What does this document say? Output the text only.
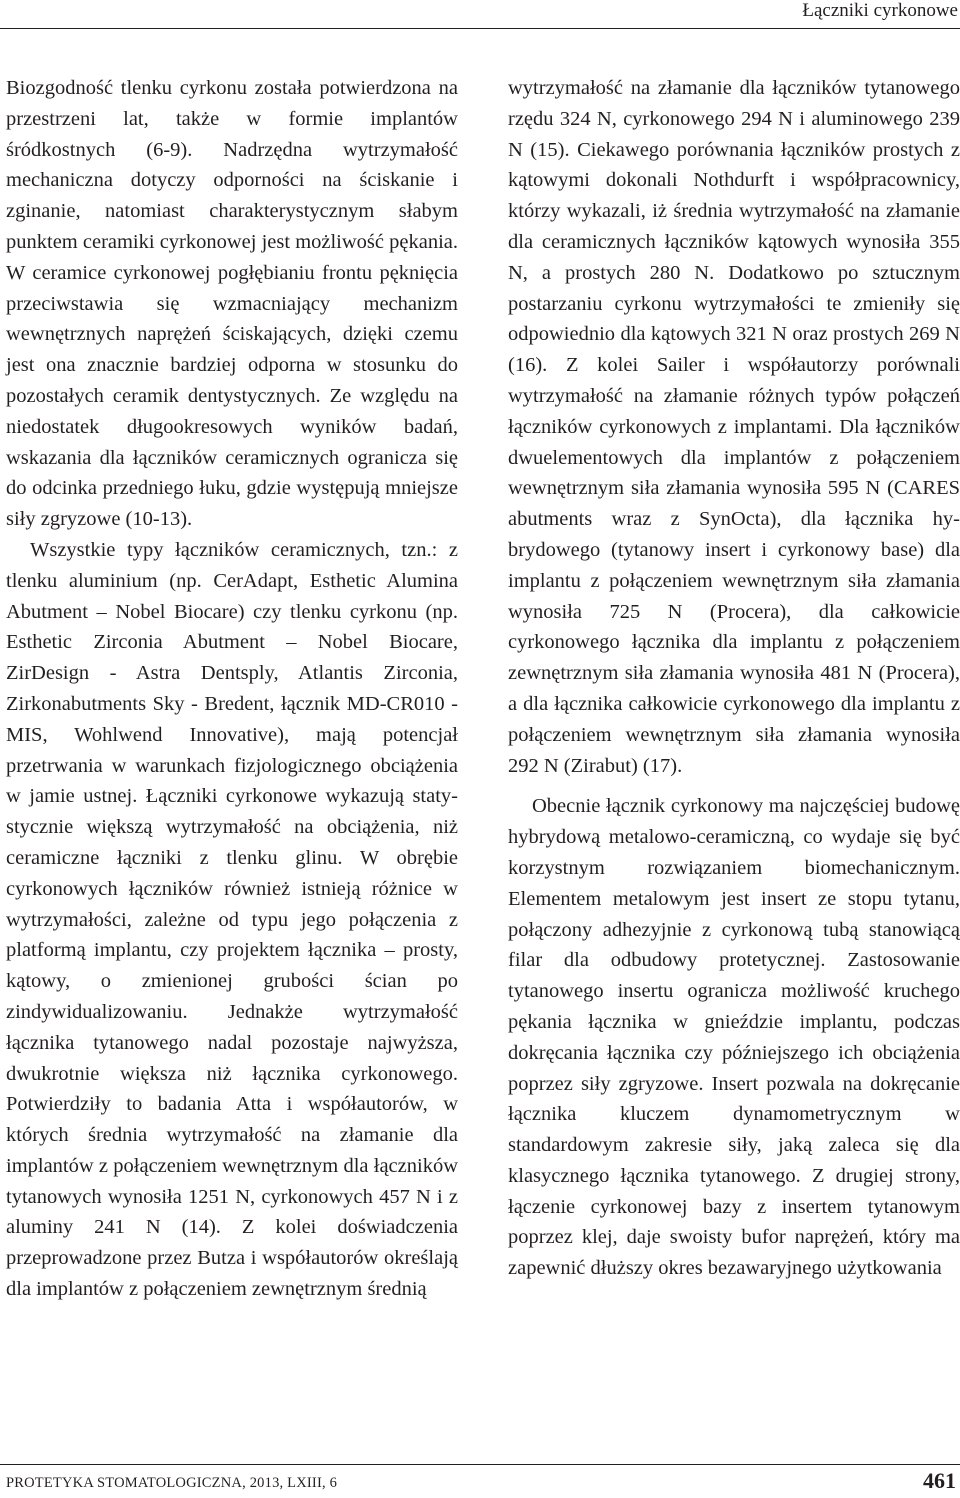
Łączniki cyrkonowe

Biozgodność tlenku cyrkonu została potwierdzona na przestrzeni lat, także w formie implantów śródkostnych (6-9). Nadrzędna wytrzymałość mechaniczna dotyczy odporności na ściskanie i zginanie, natomiast charakterystycznym słabym punktem ceramiki cyrkonowej jest możliwość pękania. W ceramice cyrkonowej pogłębianiu frontu pęknięcia przeciwstawia się wzmacniający mechanizm wewnętrznych naprężeń ściskających, dzięki czemu jest ona znacznie bardziej odporna w stosunku do pozostałych ceramik dentystycznych. Ze względu na niedostatek długookresowych wyników badań, wskazania dla łączników ceramicznych ogranicza się do odcinka przedniego łuku, gdzie występują mniejsze siły zgryzowe (10-13).

Wszystkie typy łączników ceramicznych, tzn.: z tlenku aluminium (np. CerAdapt, Esthetic Alumina Abutment – Nobel Biocare) czy tlenku cyrkonu (np. Esthetic Zirconia Abutment – Nobel Biocare, ZirDesign - Astra Dentsply, Atlantis Zirconia, Zirkonabutments Sky - Bredent, łącznik MD-CR010 - MIS, Wohlwend Innovative), mają potencjał przetrwania w warunkach fizjologicznego obciążenia w jamie ustnej. Łączniki cyrkonowe wykazują statystycznie większą wytrzymałość na obciążenia, niż ceramiczne łączniki z tlenku glinu. W obrębie cyrkonowych łączników również istnieją różnice w wytrzymałości, zależne od typu jego połączenia z platformą implantu, czy projektem łącznika – prosty, kątowy, o zmienionej grubości ścian po zindywidualizowaniu. Jednakże wytrzymałość łącznika tytanowego nadal pozostaje najwyższa, dwukrotnie większa niż łącznika cyrkonowego. Potwierdziły to badania Atta i współautorów, w których średnia wytrzymałość na złamanie dla implantów z połączeniem wewnętrznym dla łączników tytanowych wynosiła 1251 N, cyrkonowych 457 N i z aluminy 241 N (14). Z kolei doświadczenia przeprowadzone przez Butza i współautorów określają dla implantów z połączeniem zewnętrznym średnią

wytrzymałość na złamanie dla łączników tytanowego rzędu 324 N, cyrkonowego 294 N i aluminowego 239 N (15). Ciekawego porównania łączników prostych z kątowymi dokonali Nothdurft i współpracownicy, którzy wykazali, iż średnia wytrzymałość na złamanie dla ceramicznych łączników kątowych wynosiła 355 N, a prostych 280 N. Dodatkowo po sztucznym postarzaniu cyrkonu wytrzymałości te zmieniły się odpowiednio dla kątowych 321 N oraz prostych 269 N (16). Z kolei Sailer i współautorzy porównali wytrzymałość na złamanie różnych typów połączeń łączników cyrkonowych z implantami. Dla łączników dwuelementowych dla implantów z połączeniem wewnętrznym siła złamania wynosiła 595 N (CARES abutments wraz z SynOcta), dla łącznika hybrydowego (tytanowy insert i cyrkonowy base) dla implantu z połączeniem wewnętrznym siła złamania wynosiła 725 N (Procera), dla całkowicie cyrkonowego łącznika dla implantu z połączeniem zewnętrznym siła złamania wynosiła 481 N (Procera), a dla łącznika całkowicie cyrkonowego dla implantu z połączeniem wewnętrznym siła złamania wynosiła 292 N (Zirabut) (17).

Obecnie łącznik cyrkonowy ma najczęściej budowę hybrydową metalowo-ceramiczną, co wydaje się być korzystnym rozwiązaniem biomechanicznym. Elementem metalowym jest insert ze stopu tytanu, połączony adhezyjnie z cyrkonową tubą stanowiącą filar dla odbudowy protetycznej. Zastosowanie tytanowego insertu ogranicza możliwość kruchego pękania łącznika w gnieździe implantu, podczas dokręcania łącznika czy późniejszego ich obciążenia poprzez siły zgryzowe. Insert pozwala na dokręcanie łącznika kluczem dynamometrycznym w standardowym zakresie siły, jaką zaleca się dla klasycznego łącznika tytanowego. Z drugiej strony, łączenie cyrkonowej bazy z insertem tytanowym poprzez klej, daje swoisty bufor naprężeń, który ma zapewnić dłuższy okres bezawaryjnego użytkowania

PROTETYKA STOMATOLOGICZNA, 2013, LXIII, 6	461
